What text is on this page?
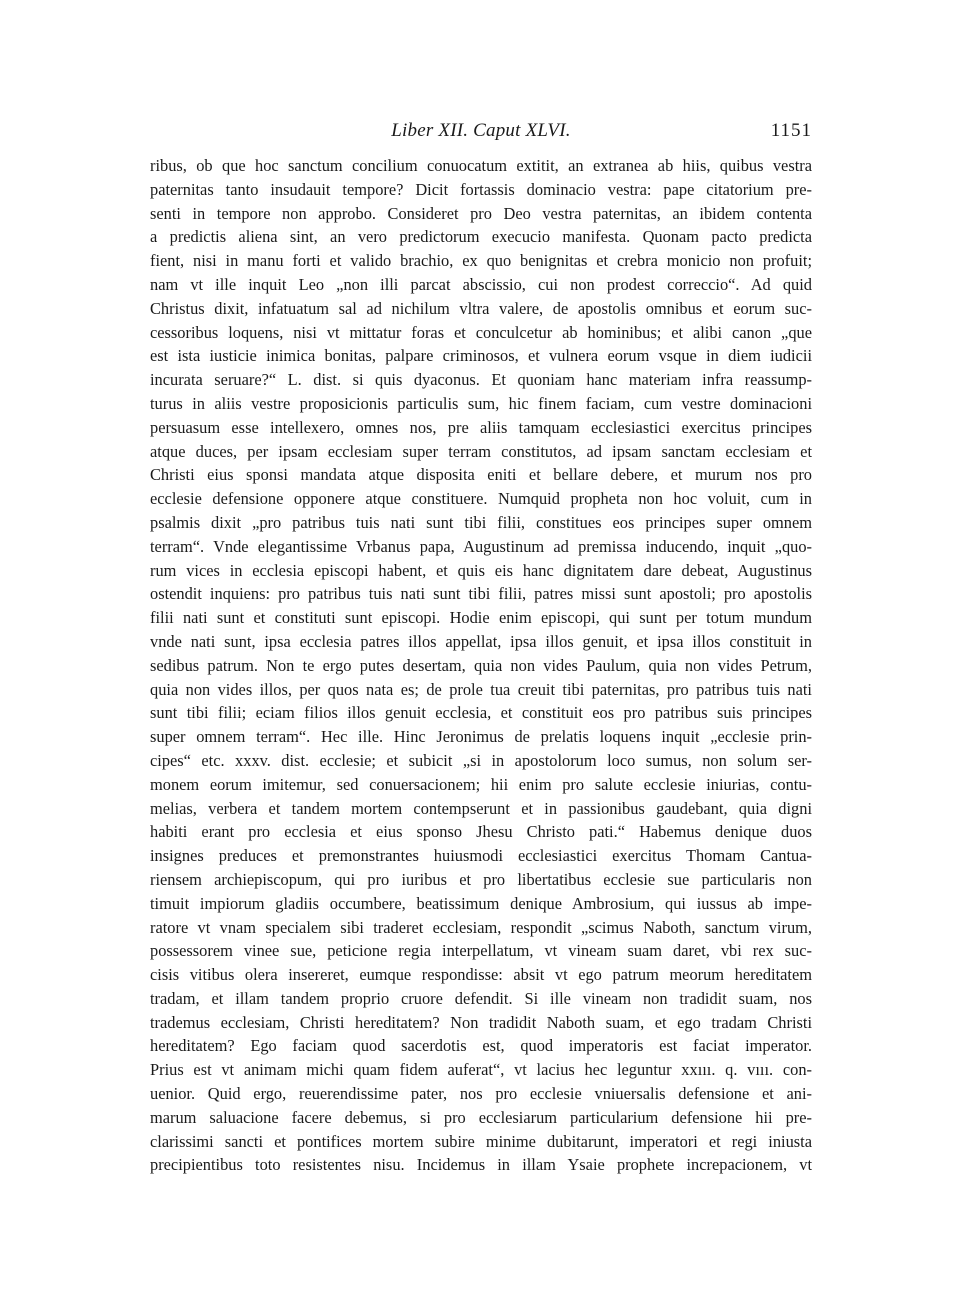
Liber XII. Caput XLVI.	1151
ribus, ob que hoc sanctum concilium conuocatum extitit, an extranea ab hiis, quibus vestra
paternitas tanto insudauit tempore? Dicit fortassis dominacio vestra: pape citatorium pre-
senti in tempore non approbo. Consideret pro Deo vestra paternitas, an ibidem contenta
a predictis aliena sint, an vero predictorum execucio manifesta. Quonam pacto predicta
fient, nisi in manu forti et valido brachio, ex quo benignitas et crebra monicio non profuit;
nam vt ille inquit Leo „non illi parcat abscissio, cui non prodest correccio“. Ad quid
Christus dixit, infatuatum sal ad nichilum vltra valere, de apostolis omnibus et eorum suc-
cessoribus loquens, nisi vt mittatur foras et conculcetur ab hominibus; et alibi canon „que
est ista iusticie inimica bonitas, palpare criminosos, et vulnera eorum vsque in diem iudicii
incurata seruare?“ L. dist. si quis dyaconus. Et quoniam hanc materiam infra reassump-
turus in aliis vestre proposicionis particulis sum, hic finem faciam, cum vestre dominacioni
persuasum esse intellexero, omnes nos, pre aliis tamquam ecclesiastici exercitus principes
atque duces, per ipsam ecclesiam super terram constitutos, ad ipsam sanctam ecclesiam et
Christi eius sponsi mandata atque disposita eniti et bellare debere, et murum nos pro
ecclesie defensione opponere atque constituere. Numquid propheta non hoc voluit, cum in
psalmis dixit „pro patribus tuis nati sunt tibi filii, constitues eos principes super omnem
terram“. Vnde elegantissime Vrbanus papa, Augustinum ad premissa inducendo, inquit „quo-
rum vices in ecclesia episcopi habent, et quis eis hanc dignitatem dare debeat, Augustinus
ostendit inquiens: pro patribus tuis nati sunt tibi filii, patres missi sunt apostoli; pro apostolis
filii nati sunt et constituti sunt episcopi. Hodie enim episcopi, qui sunt per totum mundum
vnde nati sunt, ipsa ecclesia patres illos appellat, ipsa illos genuit, et ipsa illos constituit in
sedibus patrum. Non te ergo putes desertam, quia non vides Paulum, quia non vides Petrum,
quia non vides illos, per quos nata es; de prole tua creuit tibi paternitas, pro patribus tuis nati
sunt tibi filii; eciam filios illos genuit ecclesia, et constituit eos pro patribus suis principes
super omnem terram“. Hec ille. Hinc Jeronimus de prelatis loquens inquit „ecclesie prin-
cipes“ etc. xxxv. dist. ecclesie; et subicit „si in apostolorum loco sumus, non solum ser-
monem eorum imitemur, sed conuersacionem; hii enim pro salute ecclesie iniurias, contu-
melias, verbera et tandem mortem contempserunt et in passionibus gaudebant, quia digni
habiti erant pro ecclesia et eius sponso Jhesu Christo pati.“ Habemus denique duos
insignes preduces et premonstrantes huiusmodi ecclesiastici exercitus Thomam Cantua-
riensem archiepiscopum, qui pro iuribus et pro libertatibus ecclesie sue particularis non
timuit impiorum gladiis occumbere, beatissimum denique Ambrosium, qui iussus ab impe-
ratore vt vnam specialem sibi traderet ecclesiam, respondit „scimus Naboth, sanctum virum,
possessorem vinee sue, peticione regia interpellatum, vt vineam suam daret, vbi rex suc-
cisis vitibus olera insereret, eumque respondisse: absit vt ego patrum meorum hereditatem
tradam, et illam tandem proprio cruore defendit. Si ille vineam non tradidit suam, nos
trademus ecclesiam, Christi hereditatem? Non tradidit Naboth suam, et ego tradam Christi
hereditatem? Ego faciam quod sacerdotis est, quod imperatoris est faciat imperator.
Prius est vt animam michi quam fidem auferat“, vt lacius hec leguntur xxııı. q. vııı. con-
uenior. Quid ergo, reuerendissime pater, nos pro ecclesie vniuersalis defensione et ani-
marum saluacione facere debemus, si pro ecclesiarum particularium defensione hii pre-
clarissimi sancti et pontifices mortem subire minime dubitarunt, imperatori et regi iniusta
precipientibus toto resistentes nisu. Incidemus in illam Ysaie prophete increpacionem, vt
